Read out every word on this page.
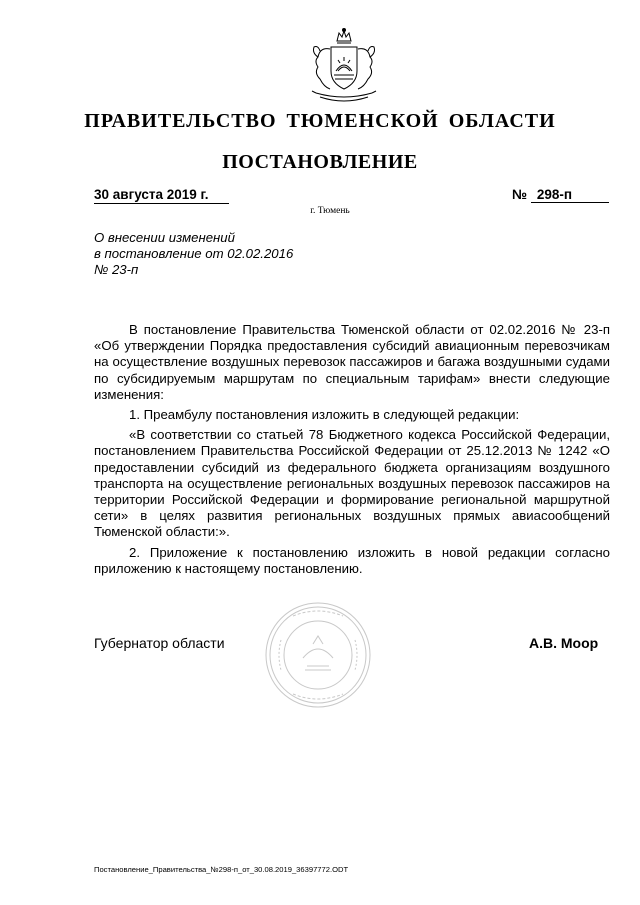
ПРАВИТЕЛЬСТВО ТЮМЕНСКОЙ ОБЛАСТИ
ПОСТАНОВЛЕНИЕ
30 августа 2019 г.	№ 298-п
г. Тюмень
О внесении изменений
в постановление от 02.02.2016
№ 23-п

В постановление Правительства Тюменской области от 02.02.2016 № 23-п «Об утверждении Порядка предоставления субсидий авиационным перевозчикам на осуществление воздушных перевозок пассажиров и багажа воздушными судами по субсидируемым маршрутам по специальным тарифам» внести следующие изменения:

1. Преамбулу постановления изложить в следующей редакции:

«В соответствии со статьей 78 Бюджетного кодекса Российской Федерации, постановлением Правительства Российской Федерации от 25.12.2013 № 1242 «О предоставлении субсидий из федерального бюджета организациям воздушного транспорта на осуществление региональных воздушных перевозок пассажиров на территории Российской Федерации и формирование региональной маршрутной сети» в целях развития региональных воздушных прямых авиасообщений Тюменской области:».

2. Приложение к постановлению изложить в новой редакции согласно приложению к настоящему постановлению.

Губернатор области	А.В. Моор
Постановление_Правительства_№298-п_от_30.08.2019_36397772.ODT
